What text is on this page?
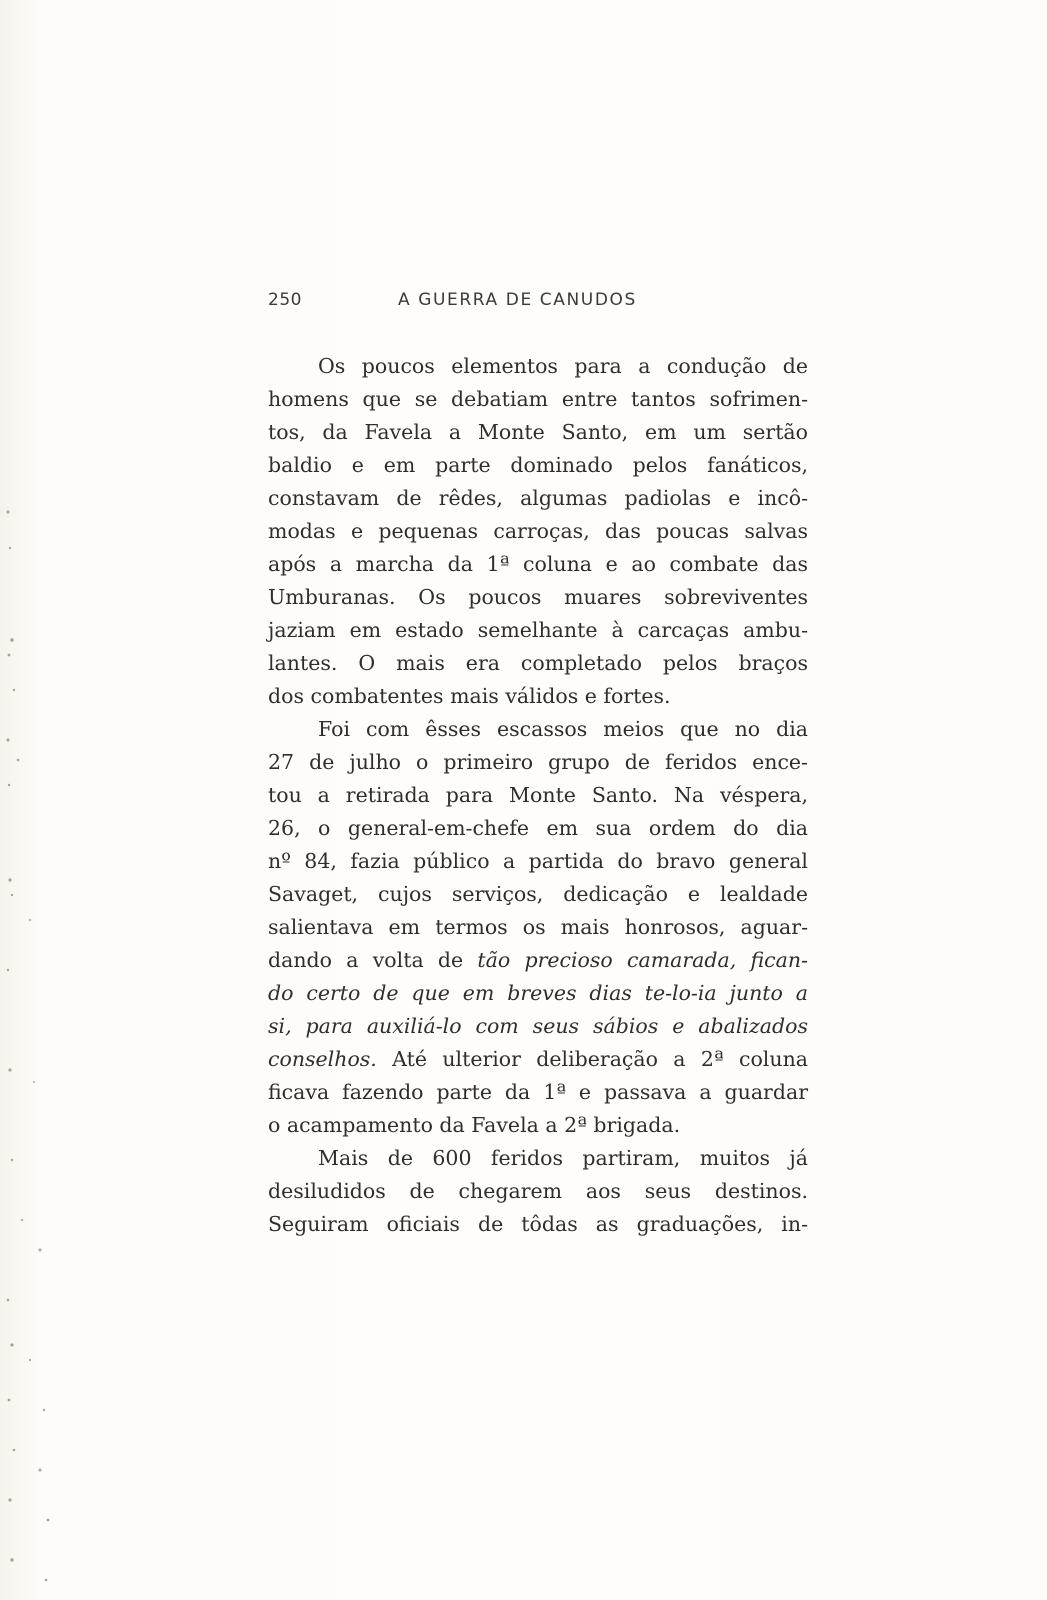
250	A GUERRA DE CANUDOS
Os poucos elementos para a condução de
homens que se debatiam entre tantos sofrimen-
tos, da Favela a Monte Santo, em um sertão
baldio e em parte dominado pelos fanáticos,
constavam de rêdes, algumas padiolas e incô-
modas e pequenas carroças, das poucas salvas
após a marcha da 1ª coluna e ao combate das
Umburanas. Os poucos muares sobreviventes
jaziam em estado semelhante à carcaças ambu-
lantes. O mais era completado pelos braços
dos combatentes mais válidos e fortes.
Foi com êsses escassos meios que no dia
27 de julho o primeiro grupo de feridos ence-
tou a retirada para Monte Santo. Na véspera,
26, o general-em-chefe em sua ordem do dia
nº 84, fazia público a partida do bravo general
Savaget, cujos serviços, dedicação e lealdade
salientava em termos os mais honrosos, aguar-
dando a volta de tão precioso camarada, fican-
do certo de que em breves dias te-lo-ia junto a
si, para auxiliá-lo com seus sábios e abalizados
conselhos. Até ulterior deliberação a 2ª coluna
ficava fazendo parte da 1ª e passava a guardar
o acampamento da Favela a 2ª brigada.
Mais de 600 feridos partiram, muitos já
desiludidos de chegarem aos seus destinos.
Seguiram oficiais de tôdas as graduações, in-
